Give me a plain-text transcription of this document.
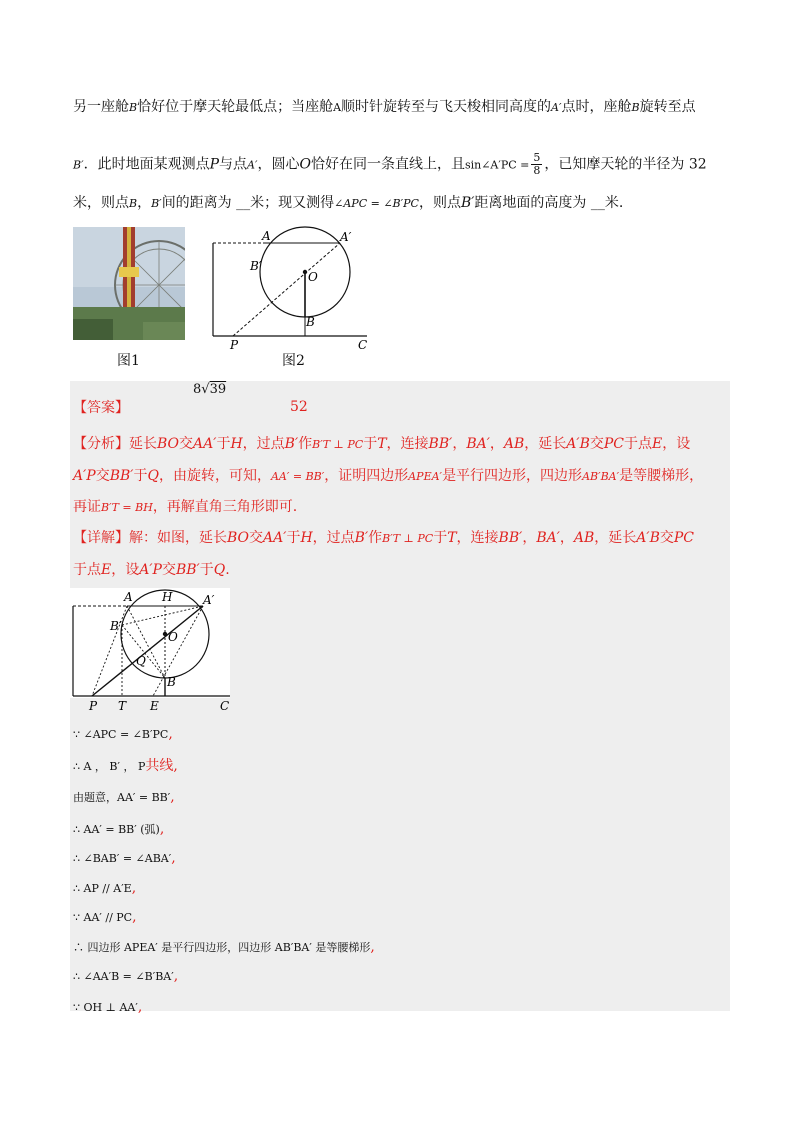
另一座舱B恰好位于摩天轮最低点；当座舱A顺时针旋转至与飞天梭相同高度的A′点时，座舱B旋转至点
B′．此时地面某观测点P与点A′，圆心O恰好在同一条直线上，且sin∠A′PC = $\frac{5}{8}$ ，已知摩天轮的半径为 32
米，则点B，B′间的距离为 __米；现又测得∠APC = ∠B′PC，则点B′距离地面的高度为 __米.
图1
A	A′
B′
O
B
P	C
图2
【答案】
8√39
52
【分析】延长BO交AA′于H，过点B′作B′T ⊥ PC于T，连接BB′，BA′，AB，延长A′B交PC于点E，设
A′P交BB′于Q，由旋转，可知，AA′ = BB′，证明四边形APEA′是平行四边形，四边形AB′BA′是等腰梯形，
再证B′T = BH，再解直角三角形即可.
【详解】解：如图，延长BO交AA′于H，过点B′作B′T ⊥ PC于T，连接BB′，BA′，AB，延长A′B交PC
于点E，设A′P交BB′于Q.
A H	A′
B′
O
Q
B
P T E	C
∵ ∠APC = ∠B′PC,
∴ A ， B′ ， P共线,
由题意，AA′ = BB′,
∴ AA′ = BB′ (弧),
∴ ∠BAB′ = ∠ABA′,
∴ AP // A′E,
∵ AA′ // PC,
∴ 四边形 APEA′ 是平行四边形，四边形 AB′BA′ 是等腰梯形,
∴ ∠AA′B = ∠B′BA′,
∵ OH ⊥ AA′,
